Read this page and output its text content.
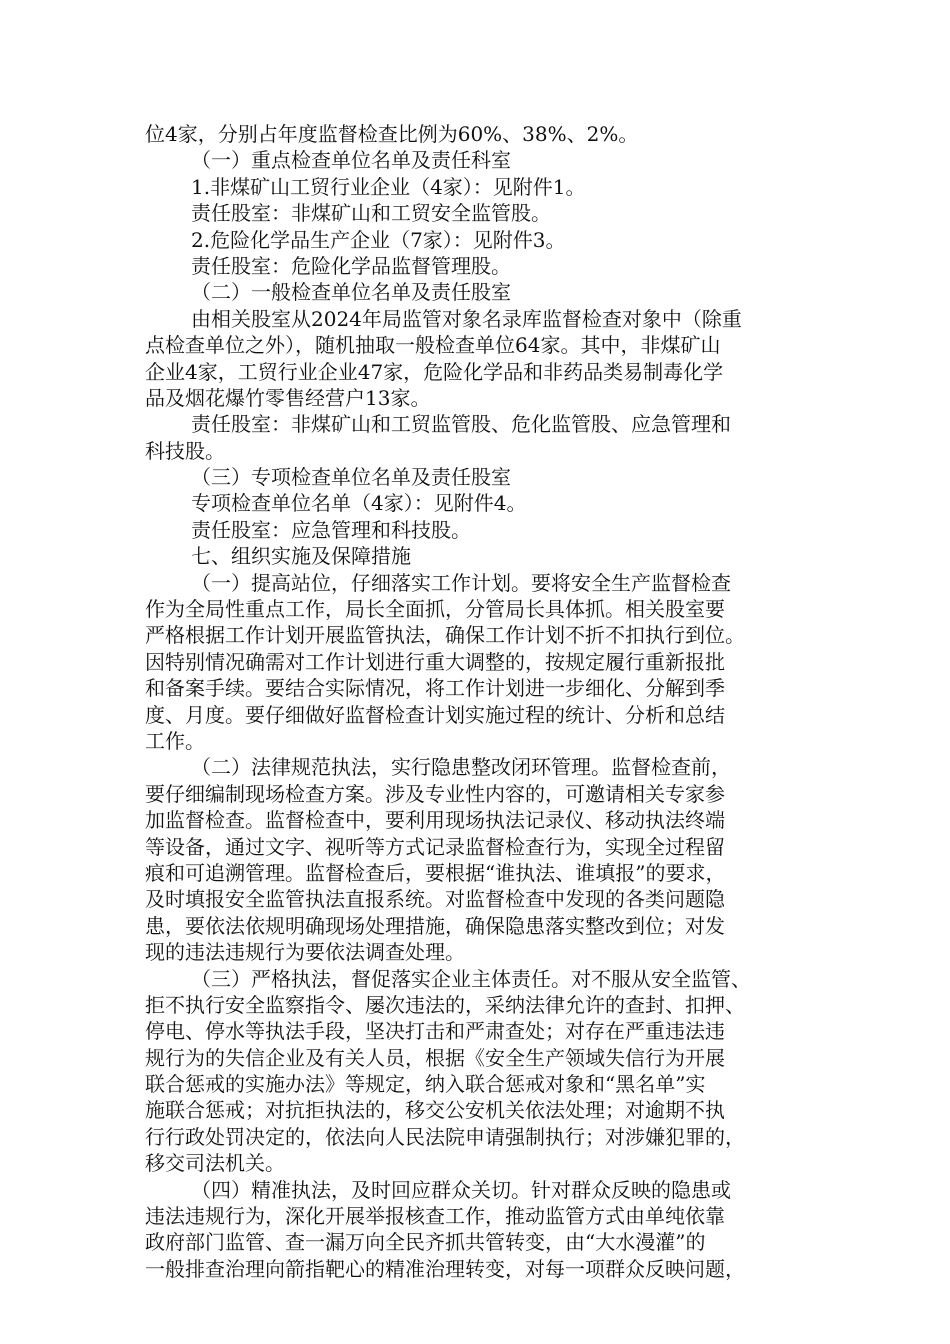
位4家，分别占年度监督检查比例为60%、38%、2%。
（一）重点检查单位名单及责任科室
1.非煤矿山工贸行业企业（4家）：见附件1。
责任股室：非煤矿山和工贸安全监管股。
2.危险化学品生产企业（7家）：见附件3。
责任股室：危险化学品监督管理股。
（二）一般检查单位名单及责任股室
由相关股室从2024年局监管对象名录库监督检查对象中（除重
点检查单位之外），随机抽取一般检查单位64家。其中，非煤矿山
企业4家，工贸行业企业47家，危险化学品和非药品类易制毒化学
品及烟花爆竹零售经营户13家。
责任股室：非煤矿山和工贸监管股、危化监管股、应急管理和
科技股。
（三）专项检查单位名单及责任股室
专项检查单位名单（4家）：见附件4。
责任股室：应急管理和科技股。
七、组织实施及保障措施
（一）提高站位，仔细落实工作计划。要将安全生产监督检查
作为全局性重点工作，局长全面抓，分管局长具体抓。相关股室要
严格根据工作计划开展监管执法，确保工作计划不折不扣执行到位。
因特别情况确需对工作计划进行重大调整的，按规定履行重新报批
和备案手续。要结合实际情况，将工作计划进一步细化、分解到季
度、月度。要仔细做好监督检查计划实施过程的统计、分析和总结
工作。
（二）法律规范执法，实行隐患整改闭环管理。监督检查前，
要仔细编制现场检查方案。涉及专业性内容的，可邀请相关专家参
加监督检查。监督检查中，要利用现场执法记录仪、移动执法终端
等设备，通过文字、视听等方式记录监督检查行为，实现全过程留
痕和可追溯管理。监督检查后，要根据“谁执法、谁填报”的要求，
及时填报安全监管执法直报系统。对监督检查中发现的各类问题隐
患，要依法依规明确现场处理措施，确保隐患落实整改到位；对发
现的违法违规行为要依法调查处理。
（三）严格执法，督促落实企业主体责任。对不服从安全监管、
拒不执行安全监察指令、屡次违法的，采纳法律允许的查封、扣押、
停电、停水等执法手段，坚决打击和严肃查处；对存在严重违法违
规行为的失信企业及有关人员，根据《安全生产领域失信行为开展
联合惩戒的实施办法》等规定，纳入联合惩戒对象和“黑名单”实
施联合惩戒；对抗拒执法的，移交公安机关依法处理；对逾期不执
行行政处罚决定的，依法向人民法院申请强制执行；对涉嫌犯罪的，
移交司法机关。
（四）精准执法，及时回应群众关切。针对群众反映的隐患或
违法违规行为，深化开展举报核查工作，推动监管方式由单纯依靠
政府部门监管、查一漏万向全民齐抓共管转变，由“大水漫灌”的
一般排查治理向箭指靶心的精准治理转变，对每一项群众反映问题，
